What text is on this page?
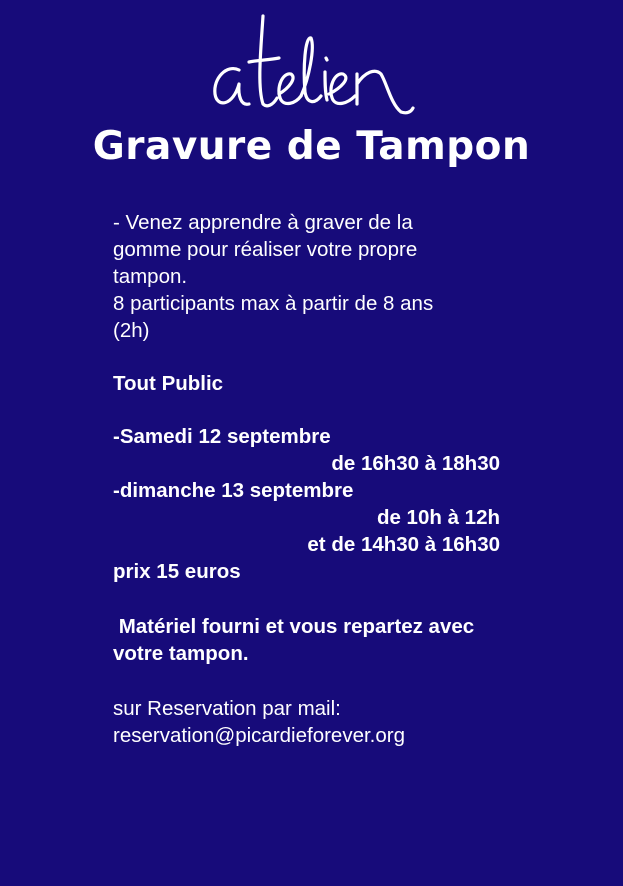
Gravure de Tampon
- Venez apprendre à graver de la
gomme pour réaliser votre propre
tampon.
8 participants max à partir de 8 ans
(2h)
Tout Public
-Samedi 12 septembre
de 16h30 à 18h30
-dimanche 13 septembre
de 10h à 12h
et de 14h30 à 16h30
prix 15 euros
Matériel fourni et vous repartez avec
votre tampon.
sur Reservation par mail:
reservation@picardieforever.org
